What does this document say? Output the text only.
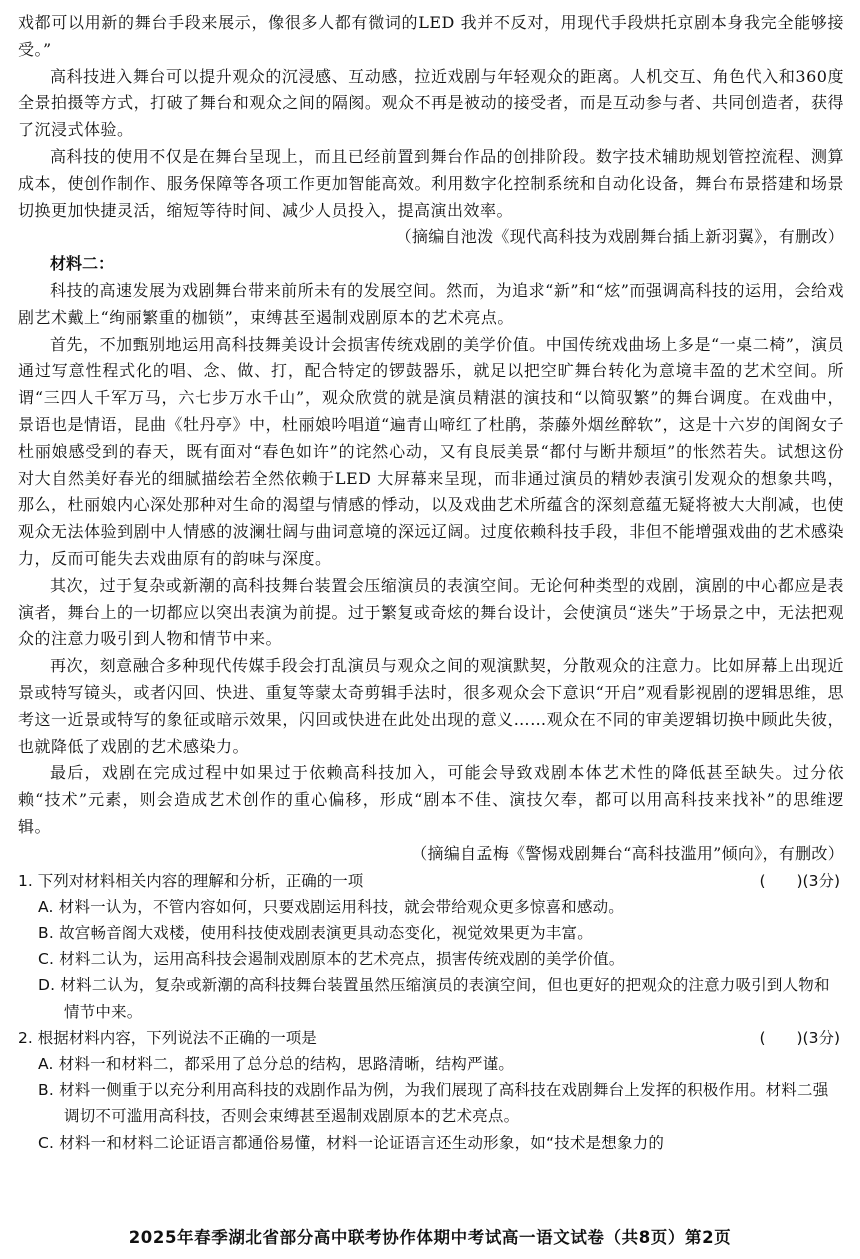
戏都可以用新的舞台手段来展示，像很多人都有微词的LED 我并不反对，用现代手段烘托京剧本身我完全能够接受。”

高科技进入舞台可以提升观众的沉浸感、互动感，拉近戏剧与年轻观众的距离。人机交互、角色代入和360度全景拍摄等方式，打破了舞台和观众之间的隔阂。观众不再是被动的接受者，而是互动参与者、共同创造者，获得了沉浸式体验。

高科技的使用不仅是在舞台呈现上，而且已经前置到舞台作品的创排阶段。数字技术辅助规划管控流程、测算成本，使创作制作、服务保障等各项工作更加智能高效。利用数字化控制系统和自动化设备，舞台布景搭建和场景切换更加快捷灵活，缩短等待时间、减少人员投入，提高演出效率。

（摘编自池泼《现代高科技为戏剧舞台插上新羽翼》，有删改）

材料二：

科技的高速发展为戏剧舞台带来前所未有的发展空间。然而，为追求“新”和“炫”而强调高科技的运用，会给戏剧艺术戴上“绚丽繁重的枷锁”，束缚甚至遏制戏剧原本的艺术亮点。

首先，不加甄别地运用高科技舞美设计会损害传统戏剧的美学价值。中国传统戏曲场上多是“一桌二椅”，演员通过写意性程式化的唱、念、做、打，配合特定的锣鼓器乐，就足以把空旷舞台转化为意境丰盈的艺术空间。所谓“三四人千军万马，六七步万水千山”，观众欣赏的就是演员精湛的演技和“以简驭繁”的舞台调度。在戏曲中，景语也是情语，昆曲《牡丹亭》中，杜丽娘吟唱道“遍青山啼红了杜鹃，荼藤外烟丝醉软”，这是十六岁的闺阁女子杜丽娘感受到的春天，既有面对“春色如许”的诧然心动，又有良辰美景“都付与断井颓垣”的怅然若失。试想这份对大自然美好春光的细腻描绘若全然依赖于LED 大屏幕来呈现，而非通过演员的精妙表演引发观众的想象共鸣，那么，杜丽娘内心深处那种对生命的渴望与情感的悸动，以及戏曲艺术所蕴含的深刻意蕴无疑将被大大削减，也使观众无法体验到剧中人情感的波澜壮阔与曲词意境的深远辽阔。过度依赖科技手段，非但不能增强戏曲的艺术感染力，反而可能失去戏曲原有的韵味与深度。

其次，过于复杂或新潮的高科技舞台装置会压缩演员的表演空间。无论何种类型的戏剧，演剧的中心都应是表演者，舞台上的一切都应以突出表演为前提。过于繁复或奇炫的舞台设计，会使演员“迷失”于场景之中，无法把观众的注意力吸引到人物和情节中来。

再次，刻意融合多种现代传媒手段会打乱演员与观众之间的观演默契，分散观众的注意力。比如屏幕上出现近景或特写镜头，或者闪回、快进、重复等蒙太奇剪辑手法时，很多观众会下意识“开启”观看影视剧的逻辑思维，思考这一近景或特写的象征或暗示效果，闪回或快进在此处出现的意义……观众在不同的审美逻辑切换中顾此失彼，也就降低了戏剧的艺术感染力。

最后，戏剧在完成过程中如果过于依赖高科技加入，可能会导致戏剧本体艺术性的降低甚至缺失。过分依赖“技术”元素，则会造成艺术创作的重心偏移，形成“剧本不佳、演技欠奉，都可以用高科技来找补”的思维逻辑。

（摘编自孟梅《警惕戏剧舞台“高科技滥用”倾向》，有删改）

1. 下列对材料相关内容的理解和分析，正确的一项	(　　)(3分)

A. 材料一认为，不管内容如何，只要戏剧运用科技，就会带给观众更多惊喜和感动。

B. 故宫畅音阁大戏楼，使用科技使戏剧表演更具动态变化，视觉效果更为丰富。

C. 材料二认为，运用高科技会遏制戏剧原本的艺术亮点，损害传统戏剧的美学价值。

D. 材料二认为，复杂或新潮的高科技舞台装置虽然压缩演员的表演空间，但也更好的把观众的注意力吸引到人物和情节中来。

2. 根据材料内容，下列说法不正确的一项是	(　　)(3分)

A. 材料一和材料二，都采用了总分总的结构，思路清晰，结构严谨。

B. 材料一侧重于以充分利用高科技的戏剧作品为例，为我们展现了高科技在戏剧舞台上发挥的积极作用。材料二强调切不可滥用高科技，否则会束缚甚至遏制戏剧原本的艺术亮点。

C. 材料一和材料二论证语言都通俗易懂，材料一论证语言还生动形象，如“技术是想象力的

2025年春季湖北省部分高中联考协作体期中考试高一语文试卷（共8页）第2页
